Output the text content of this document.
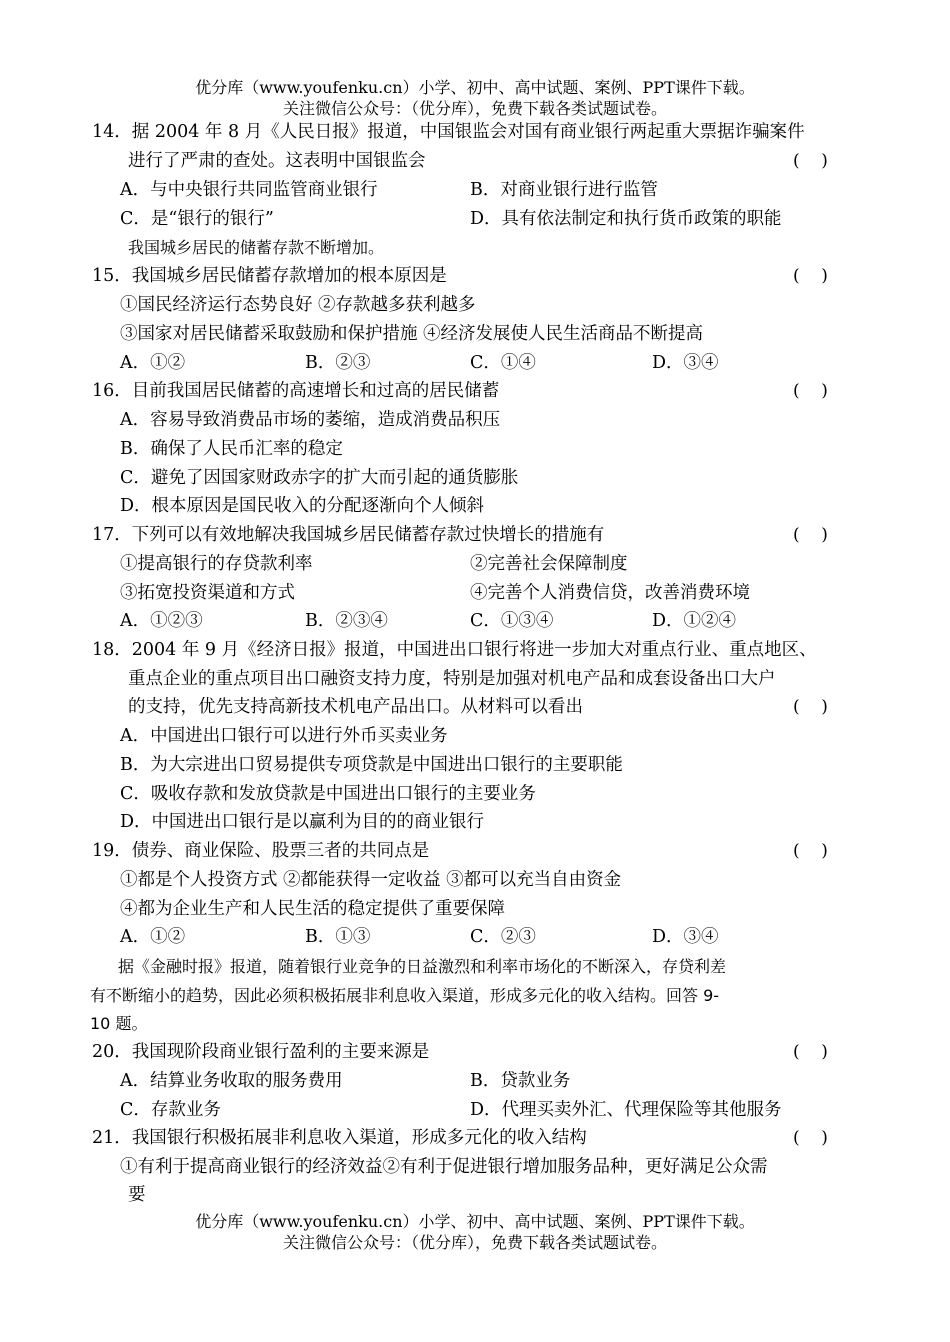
优分库（www.youfenku.cn）小学、初中、高中试题、案例、PPT课件下载。
关注微信公众号：（优分库），免费下载各类试题试卷。
14．据 2004 年 8 月《人民日报》报道，中国银监会对国有商业银行两起重大票据诈骗案件
进行了严肃的查处。这表明中国银监会	(    )
A．与中央银行共同监管商业银行	B．对商业银行进行监管
C．是“银行的银行”	D．具有依法制定和执行货币政策的职能
我国城乡居民的储蓄存款不断增加。
15．我国城乡居民储蓄存款增加的根本原因是	(    )
①国民经济运行态势良好 ②存款越多获利越多
③国家对居民储蓄采取鼓励和保护措施 ④经济发展使人民生活商品不断提高
A．①②	B．②③	C．①④	D．③④
16．目前我国居民储蓄的高速增长和过高的居民储蓄	(    )
A．容易导致消费品市场的萎缩，造成消费品积压
B．确保了人民币汇率的稳定
C．避免了因国家财政赤字的扩大而引起的通货膨胀
D．根本原因是国民收入的分配逐渐向个人倾斜
17．下列可以有效地解决我国城乡居民储蓄存款过快增长的措施有	(    )
①提高银行的存贷款利率	②完善社会保障制度
③拓宽投资渠道和方式	④完善个人消费信贷，改善消费环境
A．①②③	B．②③④	C．①③④	D．①②④
18．2004 年 9 月《经济日报》报道，中国进出口银行将进一步加大对重点行业、重点地区、
重点企业的重点项目出口融资支持力度，特别是加强对机电产品和成套设备出口大户
的支持，优先支持高新技术机电产品出口。从材料可以看出	(    )
A．中国进出口银行可以进行外币买卖业务
B．为大宗进出口贸易提供专项贷款是中国进出口银行的主要职能
C．吸收存款和发放贷款是中国进出口银行的主要业务
D．中国进出口银行是以赢利为目的的商业银行
19．债券、商业保险、股票三者的共同点是	(    )
①都是个人投资方式 ②都能获得一定收益 ③都可以充当自由资金
④都为企业生产和人民生活的稳定提供了重要保障
A．①②	B．①③	C．②③	D．③④
据《金融时报》报道，随着银行业竞争的日益激烈和利率市场化的不断深入，存贷利差
有不断缩小的趋势，因此必须积极拓展非利息收入渠道，形成多元化的收入结构。回答 9-
10 题。
20．我国现阶段商业银行盈利的主要来源是	(    )
A．结算业务收取的服务费用	B．贷款业务
C．存款业务	D．代理买卖外汇、代理保险等其他服务
21．我国银行积极拓展非利息收入渠道，形成多元化的收入结构	(    )
①有利于提高商业银行的经济效益②有利于促进银行增加服务品种，更好满足公众需
要
优分库（www.youfenku.cn）小学、初中、高中试题、案例、PPT课件下载。
关注微信公众号：（优分库），免费下载各类试题试卷。
